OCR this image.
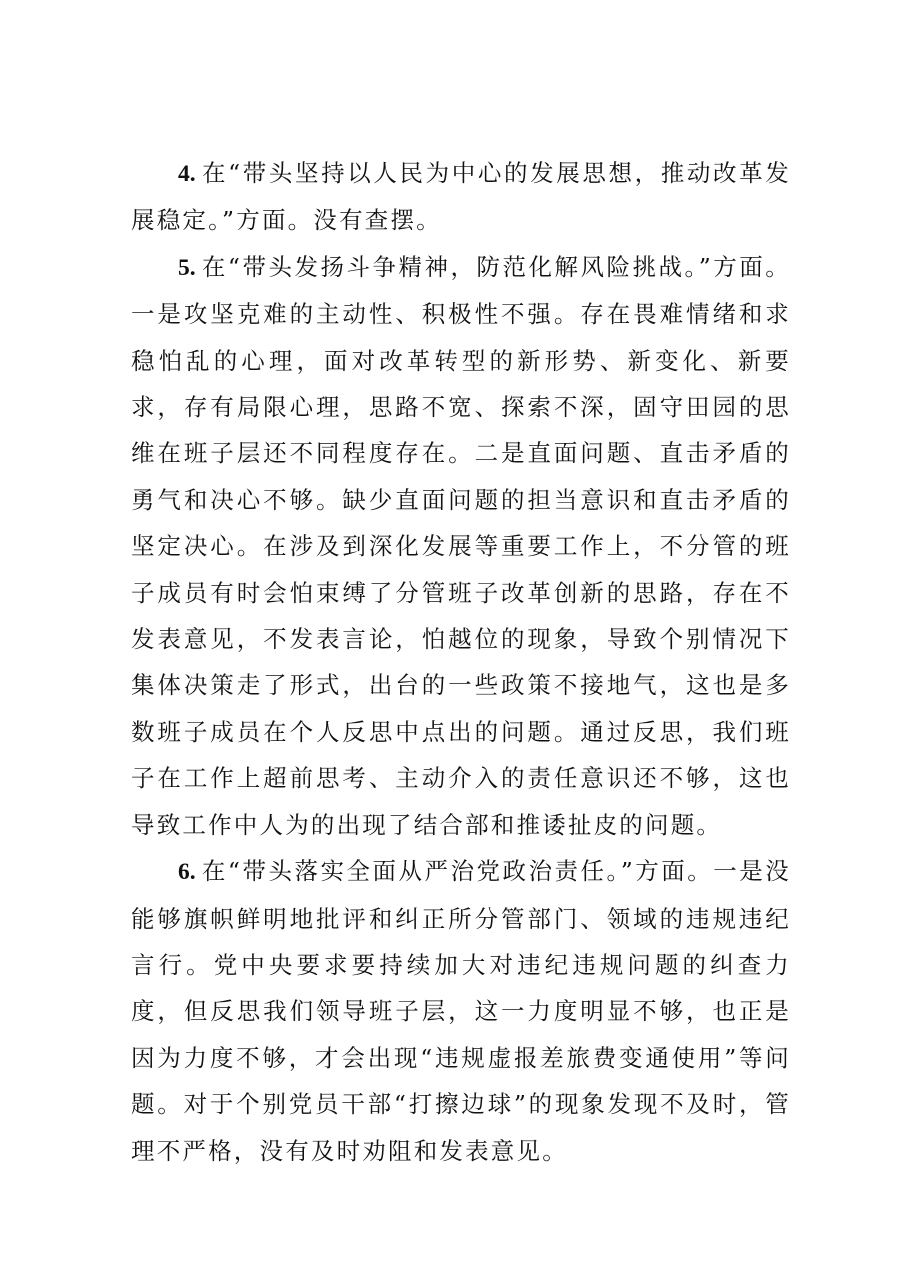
4. 在“带头坚持以人民为中心的发展思想，推动改革发展稳定。”方面。没有查摆。

5. 在“带头发扬斗争精神，防范化解风险挑战。”方面。一是攻坚克难的主动性、积极性不强。存在畏难情绪和求稳怕乱的心理，面对改革转型的新形势、新变化、新要求，存有局限心理，思路不宽、探索不深，固守田园的思维在班子层还不同程度存在。二是直面问题、直击矛盾的勇气和决心不够。缺少直面问题的担当意识和直击矛盾的坚定决心。在涉及到深化发展等重要工作上，不分管的班子成员有时会怕束缚了分管班子改革创新的思路，存在不发表意见，不发表言论，怕越位的现象，导致个别情况下集体决策走了形式，出台的一些政策不接地气，这也是多数班子成员在个人反思中点出的问题。通过反思，我们班子在工作上超前思考、主动介入的责任意识还不够，这也导致工作中人为的出现了结合部和推诿扯皮的问题。

6. 在“带头落实全面从严治党政治责任。”方面。一是没能够旗帜鲜明地批评和纠正所分管部门、领域的违规违纪言行。党中央要求要持续加大对违纪违规问题的纠查力度，但反思我们领导班子层，这一力度明显不够，也正是因为力度不够，才会出现“违规虚报差旅费变通使用”等问题。对于个别党员干部“打擦边球”的现象发现不及时，管理不严格，没有及时劝阻和发表意见。
